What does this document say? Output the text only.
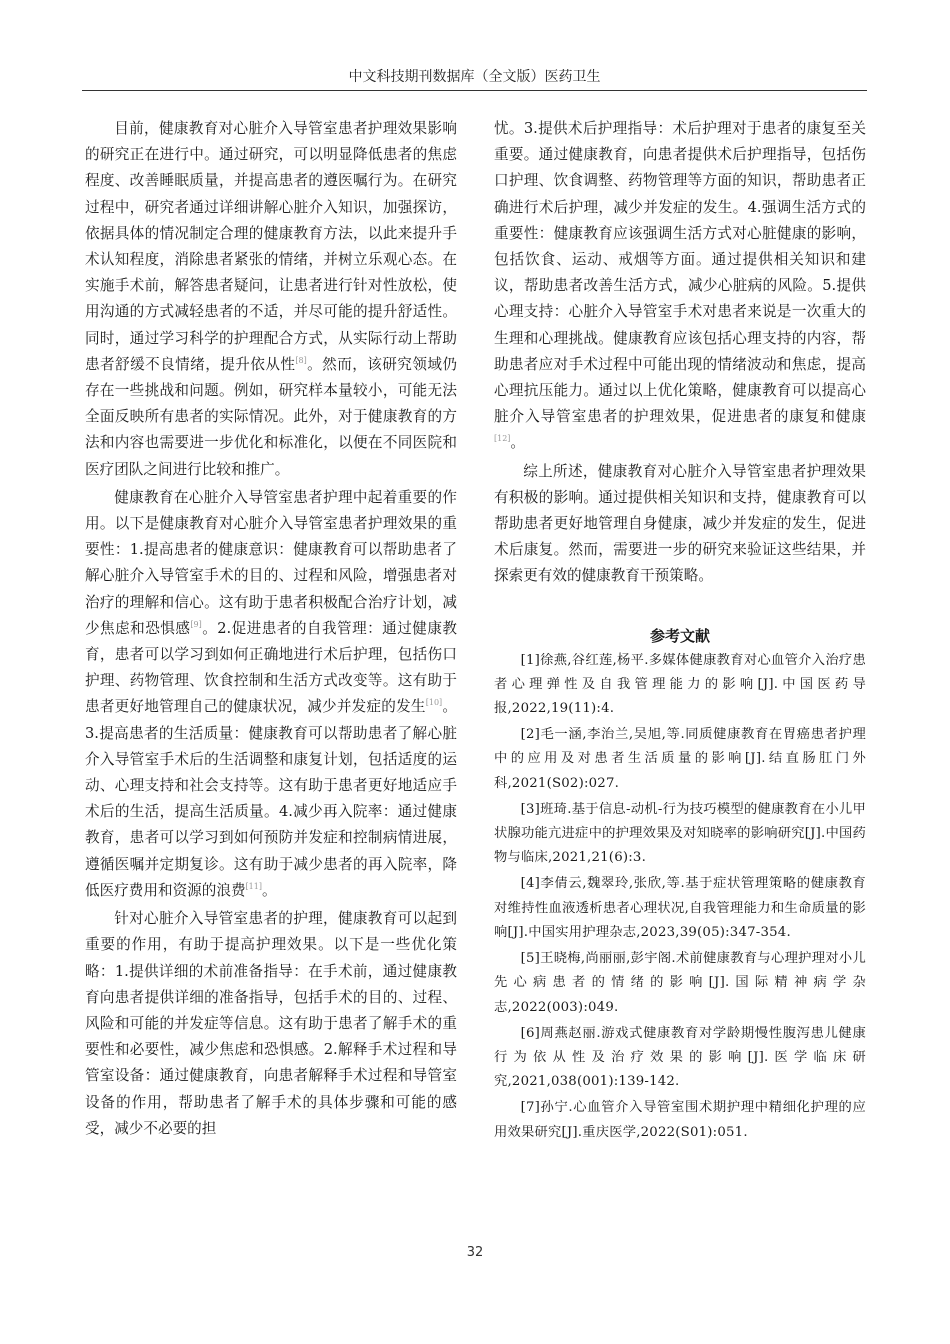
中文科技期刊数据库（全文版）医药卫生

目前，健康教育对心脏介入导管室患者护理效果影响的研究正在进行中。通过研究，可以明显降低患者的焦虑程度、改善睡眠质量，并提高患者的遵医嘱行为。在研究过程中，研究者通过详细讲解心脏介入知识，加强探访，依据具体的情况制定合理的健康教育方法，以此来提升手术认知程度，消除患者紧张的情绪，并树立乐观心态。在实施手术前，解答患者疑问，让患者进行针对性放松，使用沟通的方式减轻患者的不适，并尽可能的提升舒适性。同时，通过学习科学的护理配合方式，从实际行动上帮助患者舒缓不良情绪，提升依从性[8]。然而，该研究领域仍存在一些挑战和问题。例如，研究样本量较小，可能无法全面反映所有患者的实际情况。此外，对于健康教育的方法和内容也需要进一步优化和标准化，以便在不同医院和医疗团队之间进行比较和推广。

健康教育在心脏介入导管室患者护理中起着重要的作用。以下是健康教育对心脏介入导管室患者护理效果的重要性：1.提高患者的健康意识：健康教育可以帮助患者了解心脏介入导管室手术的目的、过程和风险，增强患者对治疗的理解和信心。这有助于患者积极配合治疗计划，减少焦虑和恐惧感[9]。2.促进患者的自我管理：通过健康教育，患者可以学习到如何正确地进行术后护理，包括伤口护理、药物管理、饮食控制和生活方式改变等。这有助于患者更好地管理自己的健康状况，减少并发症的发生[10]。3.提高患者的生活质量：健康教育可以帮助患者了解心脏介入导管室手术后的生活调整和康复计划，包括适度的运动、心理支持和社会支持等。这有助于患者更好地适应手术后的生活，提高生活质量。4.减少再入院率：通过健康教育，患者可以学习到如何预防并发症和控制病情进展，遵循医嘱并定期复诊。这有助于减少患者的再入院率，降低医疗费用和资源的浪费[11]。

针对心脏介入导管室患者的护理，健康教育可以起到重要的作用，有助于提高护理效果。以下是一些优化策略：1.提供详细的术前准备指导：在手术前，通过健康教育向患者提供详细的准备指导，包括手术的目的、过程、风险和可能的并发症等信息。这有助于患者了解手术的重要性和必要性，减少焦虑和恐惧感。2.解释手术过程和导管室设备：通过健康教育，向患者解释手术过程和导管室设备的作用，帮助患者了解手术的具体步骤和可能的感受，减少不必要的担

忧。3.提供术后护理指导：术后护理对于患者的康复至关重要。通过健康教育，向患者提供术后护理指导，包括伤口护理、饮食调整、药物管理等方面的知识，帮助患者正确进行术后护理，减少并发症的发生。4.强调生活方式的重要性：健康教育应该强调生活方式对心脏健康的影响，包括饮食、运动、戒烟等方面。通过提供相关知识和建议，帮助患者改善生活方式，减少心脏病的风险。5.提供心理支持：心脏介入导管室手术对患者来说是一次重大的生理和心理挑战。健康教育应该包括心理支持的内容，帮助患者应对手术过程中可能出现的情绪波动和焦虑，提高心理抗压能力。通过以上优化策略，健康教育可以提高心脏介入导管室患者的护理效果，促进患者的康复和健康[12]。

综上所述，健康教育对心脏介入导管室患者护理效果有积极的影响。通过提供相关知识和支持，健康教育可以帮助患者更好地管理自身健康，减少并发症的发生，促进术后康复。然而，需要进一步的研究来验证这些结果，并探索更有效的健康教育干预策略。

参考文献

[1]徐燕,谷红莲,杨平.多媒体健康教育对心血管介入治疗患者心理弹性及自我管理能力的影响[J].中国医药导报,2022,19(11):4.

[2]毛一涵,李治兰,吴旭,等.同质健康教育在胃癌患者护理中的应用及对患者生活质量的影响[J].结直肠肛门外科,2021(S02):027.

[3]班琦.基于信息-动机-行为技巧模型的健康教育在小儿甲状腺功能亢进症中的护理效果及对知晓率的影响研究[J].中国药物与临床,2021,21(6):3.

[4]李倩云,魏翠玲,张欣,等.基于症状管理策略的健康教育对维持性血液透析患者心理状况,自我管理能力和生命质量的影响[J].中国实用护理杂志,2023,39(05):347-354.

[5]王晓梅,尚丽丽,彭宇阁.术前健康教育与心理护理对小儿先心病患者的情绪的影响[J].国际精神病学杂志,2022(003):049.

[6]周燕赵丽.游戏式健康教育对学龄期慢性腹泻患儿健康行为依从性及治疗效果的影响[J].医学临床研究,2021,038(001):139-142.

[7]孙宁.心血管介入导管室围术期护理中精细化护理的应用效果研究[J].重庆医学,2022(S01):051.

32
